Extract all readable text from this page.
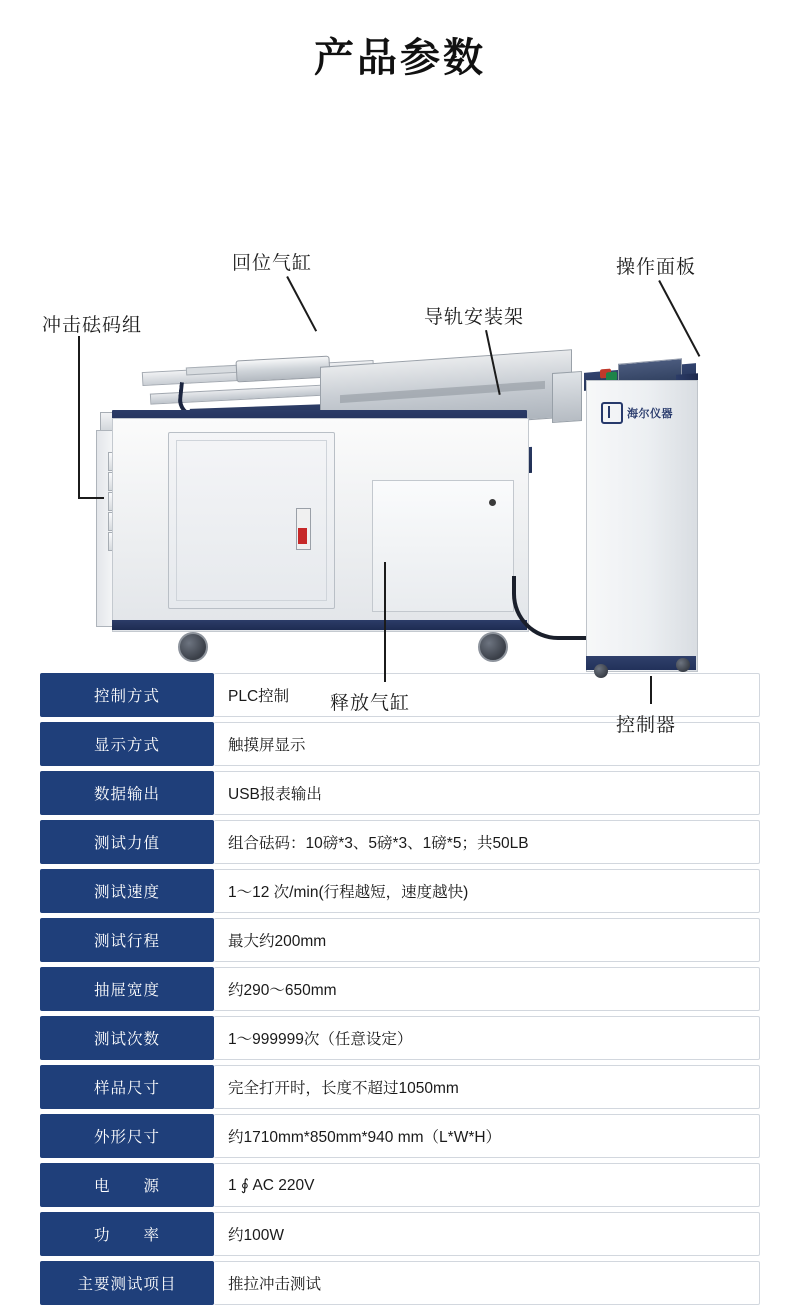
产品参数
海尔仪器
冲击砝码组
回位气缸
导轨安装架
操作面板
释放气缸
控制器
控制方式	PLC控制
显示方式	触摸屏显示
数据输出	USB报表输出
测试力值	组合砝码：10磅*3、5磅*3、1磅*5；共50LB
测试速度	1～12 次/min(行程越短，速度越快)
测试行程	最大约200mm
抽屉宽度	约290～650mm
测试次数	1～999999次（任意设定）
样品尺寸	完全打开时，长度不超过1050mm
外形尺寸	约1710mm*850mm*940 mm（L*W*H）
电　　源	1 ∮ AC 220V
功　　率	约100W
主要测试项目	推拉冲击测试
